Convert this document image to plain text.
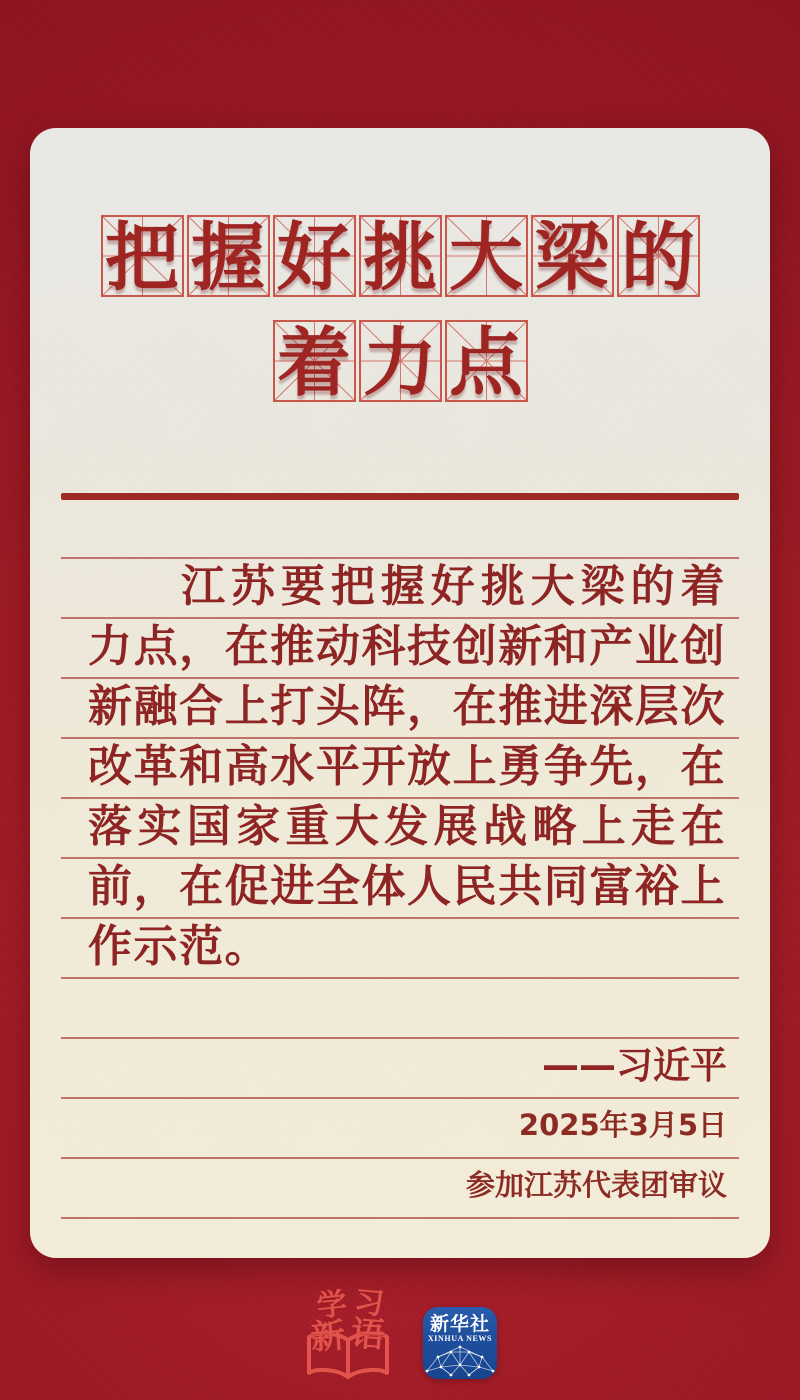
把 握 好 挑 大 梁 的
着 力 点

江苏要把握好挑大梁的着力点，在推动科技创新和产业创新融合上打头阵，在推进深层次改革和高水平开放上勇争先，在落实国家重大发展战略上走在前，在促进全体人民共同富裕上作示范。

——习近平
2025年3月5日
参加江苏代表团审议
学 习
新 语	新华社
XINHUA NEWS
